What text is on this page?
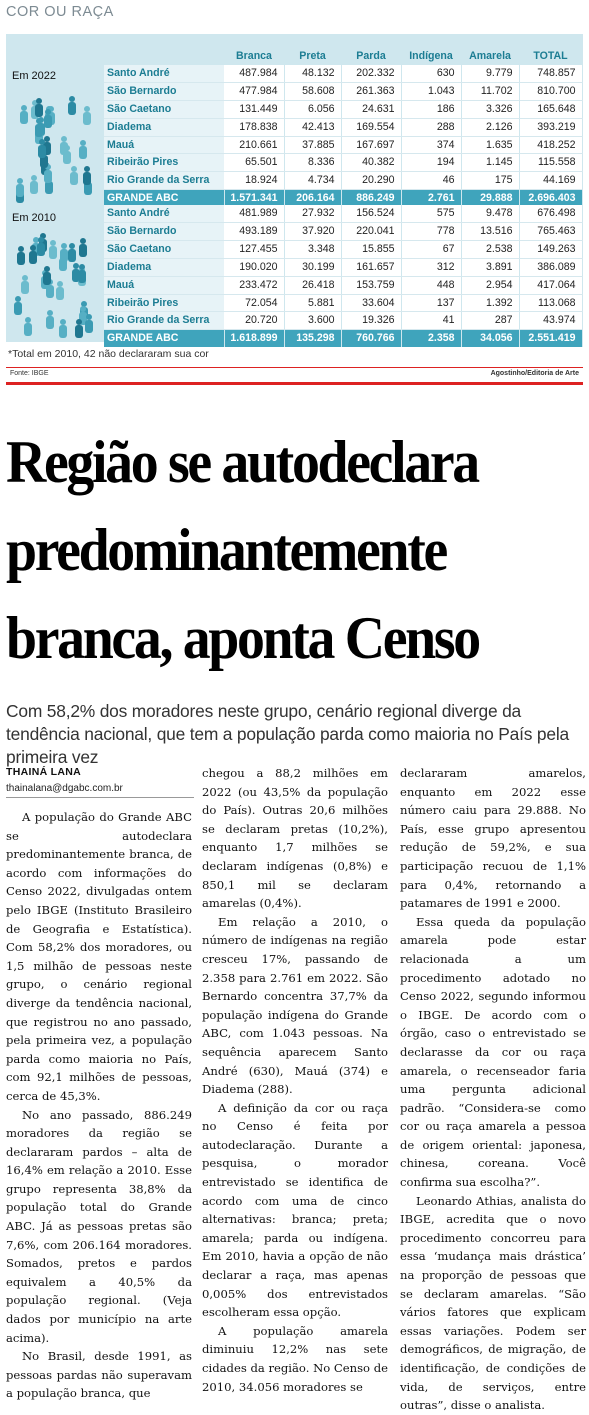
COR OU RAÇA
Em 2022
Em 2010
	Branca	Preta	Parda	Indígena	Amarela	TOTAL
Santo André	487.984	48.132	202.332	630	9.779	748.857
São Bernardo	477.984	58.608	261.363	1.043	11.702	810.700
São Caetano	131.449	6.056	24.631	186	3.326	165.648
Diadema	178.838	42.413	169.554	288	2.126	393.219
Mauá	210.661	37.885	167.697	374	1.635	418.252
Ribeirão Pires	65.501	8.336	40.382	194	1.145	115.558
Rio Grande da Serra	18.924	4.734	20.290	46	175	44.169
GRANDE ABC	1.571.341	206.164	886.249	2.761	29.888	2.696.403
Santo André	481.989	27.932	156.524	575	9.478	676.498
São Bernardo	493.189	37.920	220.041	778	13.516	765.463
São Caetano	127.455	3.348	15.855	67	2.538	149.263
Diadema	190.020	30.199	161.657	312	3.891	386.089
Mauá	233.472	26.418	153.759	448	2.954	417.064
Ribeirão Pires	72.054	5.881	33.604	137	1.392	113.068
Rio Grande da Serra	20.720	3.600	19.326	41	287	43.974
GRANDE ABC	1.618.899	135.298	760.766	2.358	34.056	2.551.419
*Total em 2010, 42 não declararam sua cor
Fonte: IBGE	Agostinho/Editoria de Arte
Região se autodeclara
predominantemente
branca, aponta Censo
Com 58,2% dos moradores neste grupo, cenário regional diverge da tendência nacional, que tem a população parda como maioria no País pela primeira vez
THAINÁ LANA
thainalana@dgabc.com.br

A população do Grande ABC se autodeclara predominantemente branca, de acordo com informações do Censo 2022, divulgadas ontem pelo IBGE (Instituto Brasileiro de Geografia e Estatística). Com 58,2% dos moradores, ou 1,5 milhão de pessoas neste grupo, o cenário regional diverge da tendência nacional, que registrou no ano passado, pela primeira vez, a população parda como maioria no País, com 92,1 milhões de pessoas, cerca de 45,3%.

No ano passado, 886.249 moradores da região se declararam pardos – alta de 16,4% em relação a 2010. Esse grupo representa 38,8% da população total do Grande ABC. Já as pessoas pretas são 7,6%, com 206.164 moradores. Somados, pretos e pardos equivalem a 40,5% da população regional. (Veja dados por município na arte acima).

No Brasil, desde 1991, as pessoas pardas não superavam a população branca, que

chegou a 88,2 milhões em 2022 (ou 43,5% da população do País). Outras 20,6 milhões se declaram pretas (10,2%), enquanto 1,7 milhões se declaram indígenas (0,8%) e 850,1 mil se declaram amarelas (0,4%).

Em relação a 2010, o número de indígenas na região cresceu 17%, passando de 2.358 para 2.761 em 2022. São Bernardo concentra 37,7% da população indígena do Grande ABC, com 1.043 pessoas. Na sequência aparecem Santo André (630), Mauá (374) e Diadema (288).

A definição da cor ou raça no Censo é feita por autodeclaração. Durante a pesquisa, o morador entrevistado se identifica de acordo com uma de cinco alternativas: branca; preta; amarela; parda ou indígena. Em 2010, havia a opção de não declarar a raça, mas apenas 0,005% dos entrevistados escolheram essa opção.

A população amarela diminuiu 12,2% nas sete cidades da região. No Censo de 2010, 34.056 moradores se

declararam amarelos, enquanto em 2022 esse número caiu para 29.888. No País, esse grupo apresentou redução de 59,2%, e sua participação recuou de 1,1% para 0,4%, retornando a patamares de 1991 e 2000.

Essa queda da população amarela pode estar relacionada a um procedimento adotado no Censo 2022, segundo informou o IBGE. De acordo com o órgão, caso o entrevistado se declarasse da cor ou raça amarela, o recenseador faria uma pergunta adicional padrão. “Considera-se como cor ou raça amarela a pessoa de origem oriental: japonesa, chinesa, coreana. Você confirma sua escolha?”.

Leonardo Athias, analista do IBGE, acredita que o novo procedimento concorreu para essa ‘mudança mais drástica’ na proporção de pessoas que se declaram amarelas. “São vários fatores que explicam essas variações. Podem ser demográficos, de migração, de identificação, de condições de vida, de serviços, entre outras”, disse o analista.
